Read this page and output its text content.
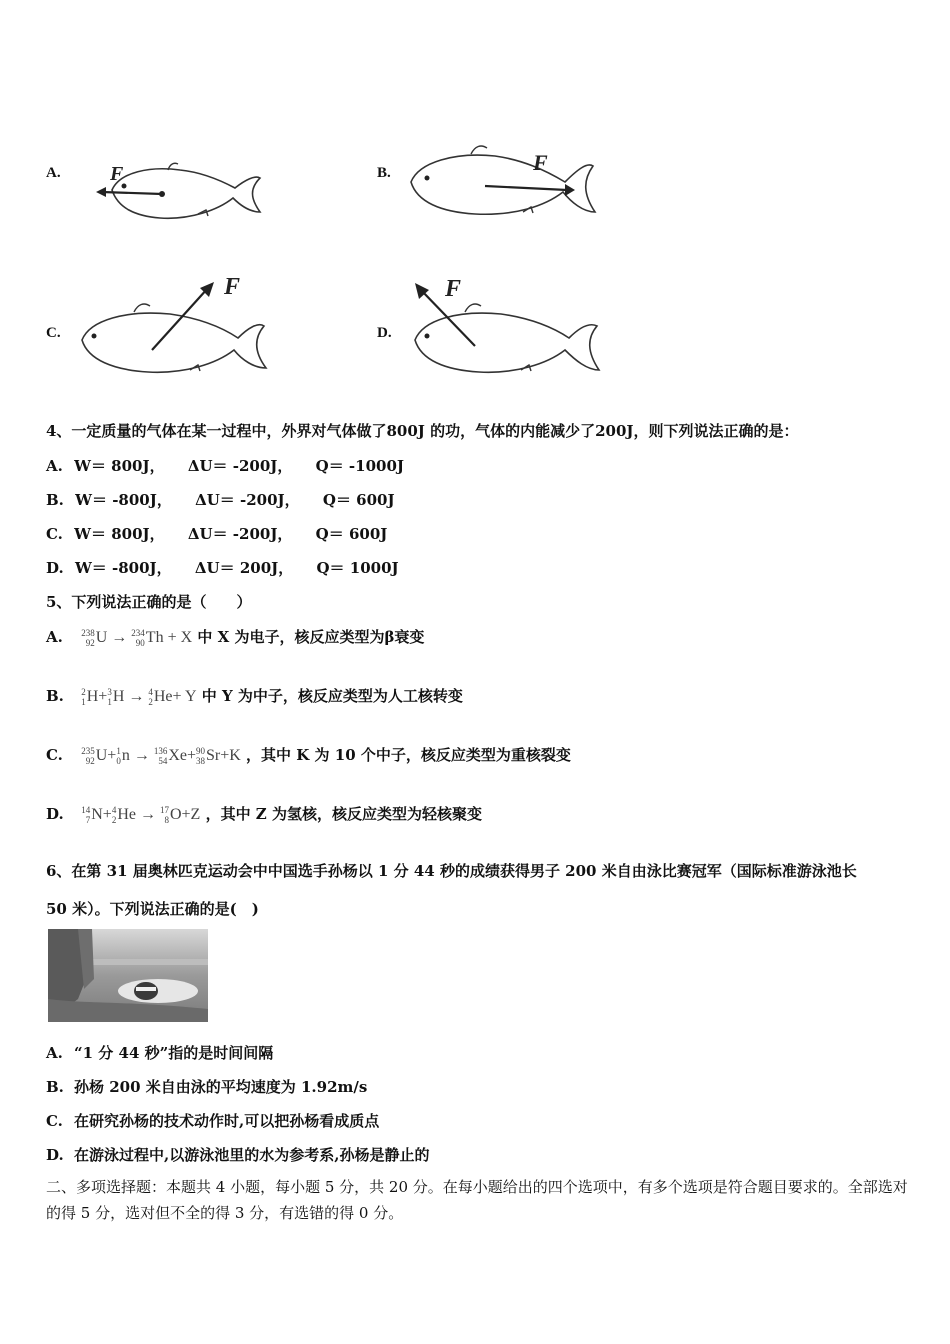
A. F	B.	F
C.
F
D.
F
4、一定质量的气体在某一过程中，外界对气体做了800J 的功，气体的内能减少了200J，则下列说法正确的是：
A. W＝ 800J， ΔU＝ -200J， Q＝ -1000J
B. W＝ -800J， ΔU＝ -200J， Q＝ 600J
C. W＝ 800J， ΔU＝ -200J， Q＝ 600J
D. W＝ -800J， ΔU＝ 200J， Q＝ 1000J
5、下列说法正确的是（　　）
A. 238
92 U → 234
90 Th + X 中 X 为电子，核反应类型为β衰变
B. 2
1 H+ 3
1 H → 4
2 He+ Y 中 Y 为中子，核反应类型为人工核转变
C. 235
92 U+ 1
0 n → 136
54 Xe+ 90
38 Sr+K ，其中 K 为 10 个中子，核反应类型为重核裂变
D. 14
7 N+ 4
2 He → 17
8 O+Z ，其中 Z 为氢核，核反应类型为轻核聚变
6、在第 31 届奥林匹克运动会中中国选手孙杨以 1 分 44 秒的成绩获得男子 200 米自由泳比赛冠军（国际标准游泳池长
50 米）。下列说法正确的是(　)
A. “1 分 44 秒”指的是时间间隔
B. 孙杨 200 米自由泳的平均速度为 1.92m/s
C. 在研究孙杨的技术动作时,可以把孙杨看成质点
D. 在游泳过程中,以游泳池里的水为参考系,孙杨是静止的
二、多项选择题：本题共 4 小题，每小题 5 分，共 20 分。在每小题给出的四个选项中，有多个选项是符合题目要求的。全部选对的得 5 分，选对但不全的得 3 分，有选错的得 0 分。
